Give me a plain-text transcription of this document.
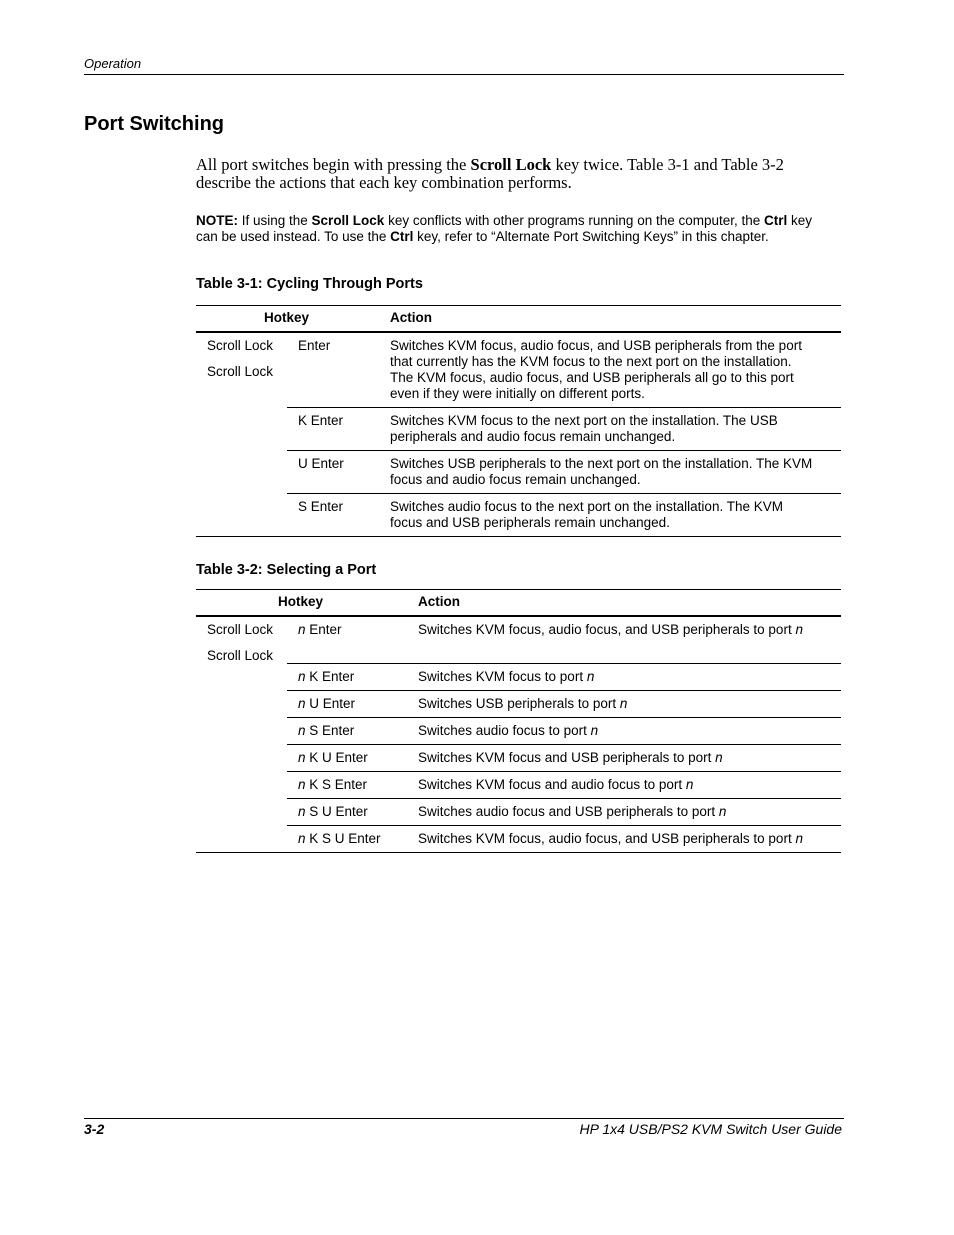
Operation
Port Switching
All port switches begin with pressing the Scroll Lock key twice. Table 3-1 and Table 3-2 describe the actions that each key combination performs.
NOTE: If using the Scroll Lock key conflicts with other programs running on the computer, the Ctrl key can be used instead. To use the Ctrl key, refer to “Alternate Port Switching Keys” in this chapter.
Table 3-1: Cycling Through Ports
Hotkey		Action

Scroll Lock
Scroll Lock	Enter	Switches KVM focus, audio focus, and USB peripherals from the port
that currently has the KVM focus to the next port on the installation.
The KVM focus, audio focus, and USB peripherals all go to this port
even if they were initially on different ports.

	K Enter	Switches KVM focus to the next port on the installation. The USB
peripherals and audio focus remain unchanged.

	U Enter	Switches USB peripherals to the next port on the installation. The KVM
focus and audio focus remain unchanged.

	S Enter	Switches audio focus to the next port on the installation. The KVM
focus and USB peripherals remain unchanged.
Table 3-2: Selecting a Port
Hotkey		Action

Scroll Lock
Scroll Lock	n Enter	Switches KVM focus, audio focus, and USB peripherals to port n
	n K Enter	Switches KVM focus to port n
	n U Enter	Switches USB peripherals to port n
	n S Enter	Switches audio focus to port n
	n K U Enter	Switches KVM focus and USB peripherals to port n
	n K S Enter	Switches KVM focus and audio focus to port n
	n S U Enter	Switches audio focus and USB peripherals to port n
	n K S U Enter	Switches KVM focus, audio focus, and USB peripherals to port n
3-2	HP 1x4 USB/PS2 KVM Switch User Guide
